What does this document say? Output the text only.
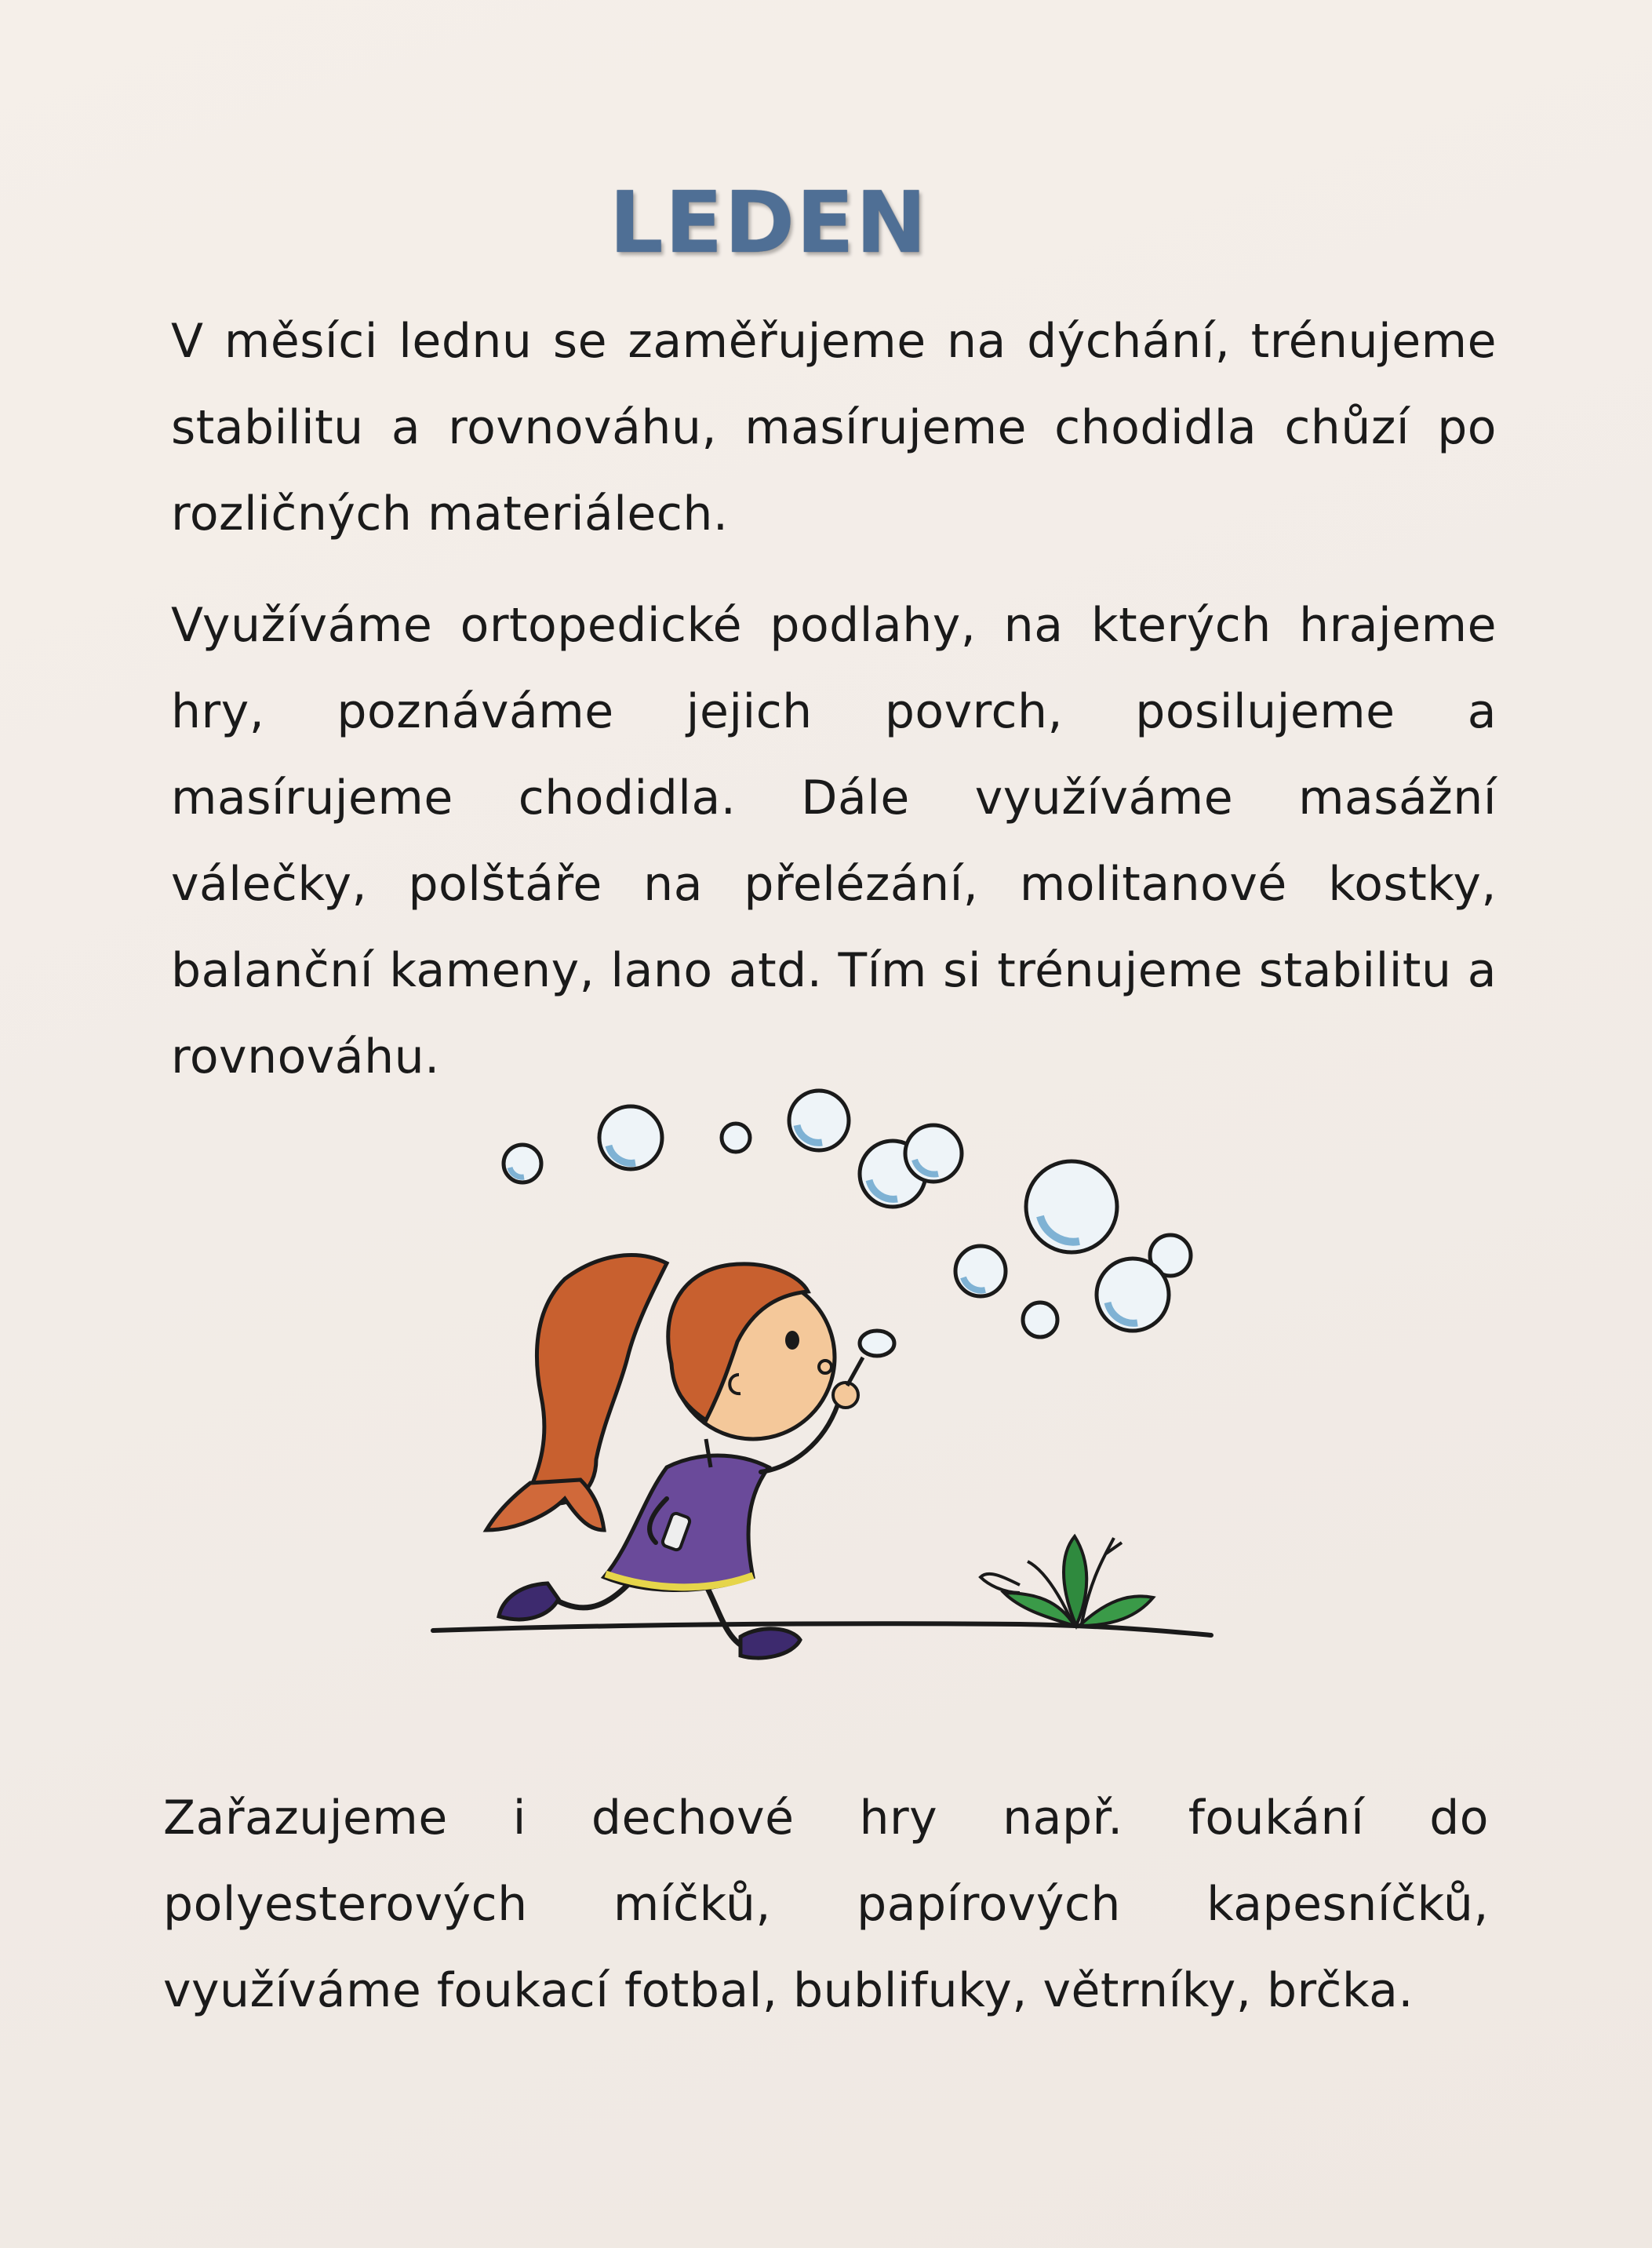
LEDEN

V měsíci lednu se zaměřujeme na dýchání, trénujeme stabilitu a rovnováhu, masírujeme chodidla chůzí po rozličných materiálech.

Využíváme ortopedické podlahy, na kterých hrajeme hry, poznáváme jejich povrch, posilujeme a masírujeme chodidla. Dále využíváme masážní válečky, polštáře na přelézání, molitanové kostky, balanční kameny, lano atd. Tím si trénujeme stabilitu a rovnováhu.

Zařazujeme i dechové hry např. foukání do polyesterových míčků, papírových kapesníčků, využíváme foukací fotbal, bublifuky, větrníky, brčka.
